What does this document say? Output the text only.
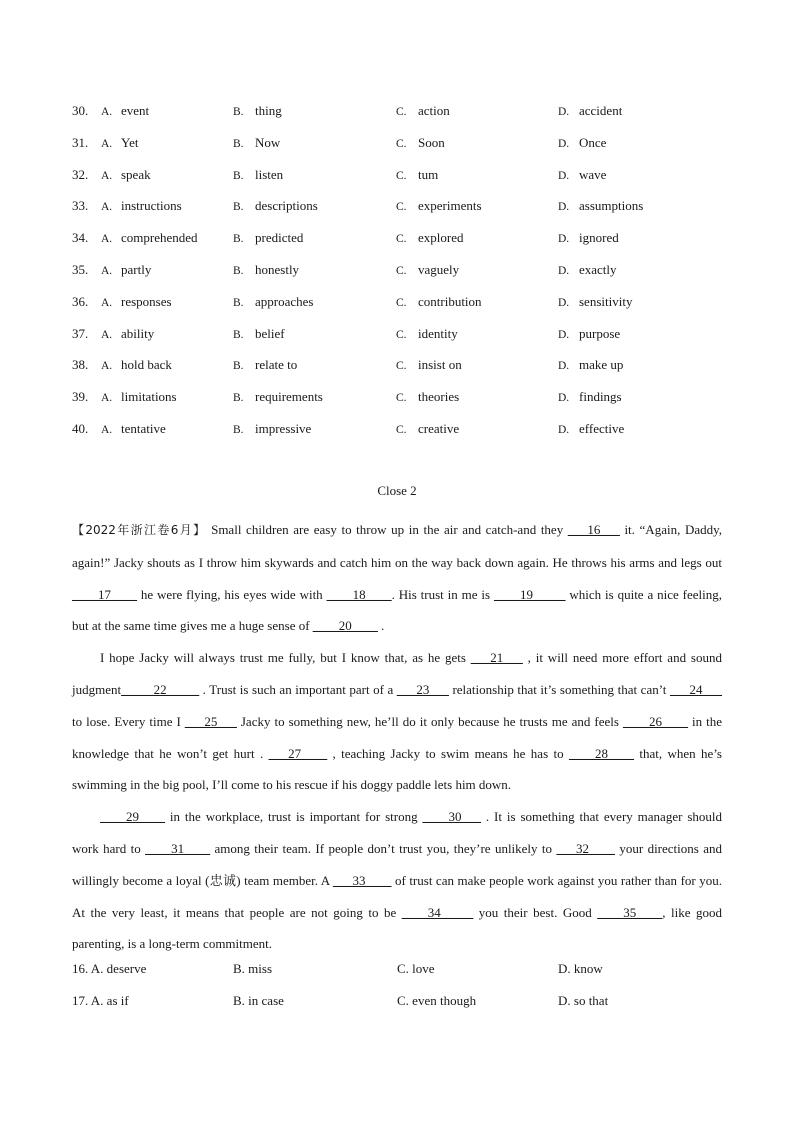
30. A. event	B. thing	C. action	D. accident
31. A. Yet	B. Now	C. Soon	D. Once
32. A. speak	B. listen	C. tum	D. wave
33. A. instructions	B. descriptions	C. experiments	D. assumptions
34. A. comprehended	B. predicted	C. explored	D. ignored
35. A. partly	B. honestly	C. vaguely	D. exactly
36. A. responses	B. approaches	C. contribution	D. sensitivity
37. A. ability	B. belief	C. identity	D. purpose
38. A. hold back	B. relate to	C. insist on	D. make up
39. A. limitations	B. requirements	C. theories	D. findings
40. A. tentative	B. impressive	C. creative	D. effective
Close 2

【2022年浙江卷6月】 Small children are easy to throw up in the air and catch-and they ___16___ it. “Again, Daddy, again!” Jacky shouts as I throw him skywards and catch him on the way back down again. He throws his arms and legs out ____17____ he were flying, his eyes wide with ____18____. His trust in me is ____19_____ which is quite a nice feeling, but at the same time gives me a huge sense of ____20____ .

I hope Jacky will always trust me fully, but I know that, as he gets ___21___ , it will need more effort and sound judgment_____22_____ . Trust is such an important part of a ___23___ relationship that it’s something that can’t ___24___ to lose. Every time I ___25___ Jacky to something new, he’ll do it only because he trusts me and feels ____26____ in the knowledge that he won’t get hurt . ___27____ , teaching Jacky to swim means he has to ____28____ that, when he’s swimming in the big pool, I’ll come to his rescue if his doggy paddle lets him down.

____29____ in the workplace, trust is important for strong ____30___ . It is something that every manager should work hard to ____31____ among their team. If people don’t trust you, they’re unlikely to ___32____ your directions and willingly become a loyal (忠诚) team member. A ___33____ of trust can make people work against you rather than for you. At the very least, it means that people are not going to be ____34_____ you their best. Good ____35____, like good parenting, is a long-term commitment.

16. A. deserve	B. miss	C. love	D. know
17. A. as if	B. in case	C. even though	D. so that
